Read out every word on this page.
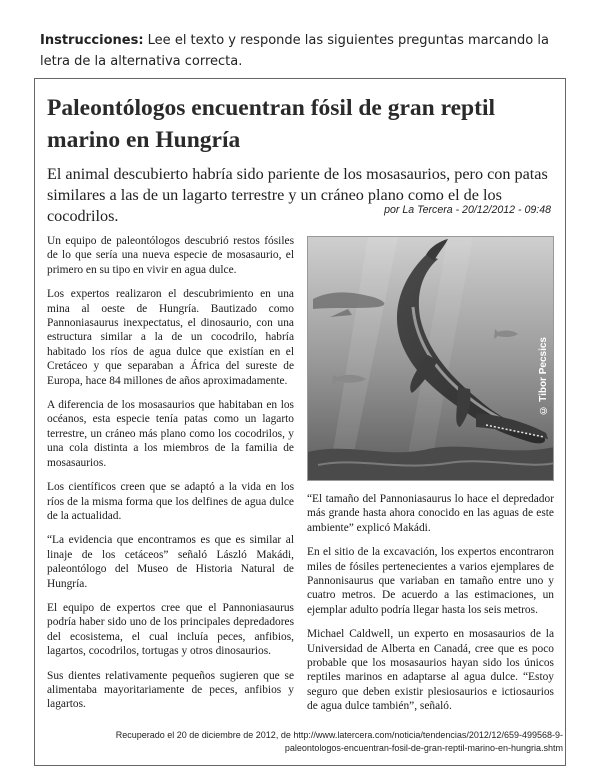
Instrucciones: Lee el texto y responde las siguientes preguntas marcando la letra de la alternativa correcta.
Paleontólogos encuentran fósil de gran reptil marino en Hungría
El animal descubierto habría sido pariente de los mosasaurios, pero con patas similares a las de un lagarto terrestre y un cráneo plano como el de los cocodrilos.	por La Tercera - 20/12/2012 - 09:48

Un equipo de paleontólogos descubrió restos fósiles de lo que sería una nueva especie de mosasaurio, el primero en su tipo en vivir en agua dulce.

Los expertos realizaron el descubrimiento en una mina al oeste de Hungría. Bautizado como Pannoniasaurus inexpectatus, el dinosaurio, con una estructura similar a la de un cocodrilo, habría habitado los ríos de agua dulce que existían en el Cretáceo y que separaban a África del sureste de Europa, hace 84 millones de años aproximadamente.

A diferencia de los mosasaurios que habitaban en los océanos, esta especie tenía patas como un lagarto terrestre, un cráneo más plano como los cocodrilos, y una cola distinta a los miembros de la familia de mosasaurios.

Los científicos creen que se adaptó a la vida en los ríos de la misma forma que los delfines de agua dulce de la actualidad.

“La evidencia que encontramos es que es similar al linaje de los cetáceos” señaló László Makádi, paleontólogo del Museo de Historia Natural de Hungría.

El equipo de expertos cree que el Pannoniasaurus podría haber sido uno de los principales depredadores del ecosistema, el cual incluía peces, anfibios, lagartos, cocodrilos, tortugas y otros dinosaurios.

Sus dientes relativamente pequeños sugieren que se alimentaba mayoritariamente de peces, anfibios y lagartos.

© Tibor Pecsics

“El tamaño del Pannoniasaurus lo hace el depredador más grande hasta ahora conocido en las aguas de este ambiente” explicó Makádi.

En el sitio de la excavación, los expertos encontraron miles de fósiles pertenecientes a varios ejemplares de Pannonisaurus que variaban en tamaño entre uno y cuatro metros. De acuerdo a las estimaciones, un ejemplar adulto podría llegar hasta los seis metros.

Michael Caldwell, un experto en mosasaurios de la Universidad de Alberta en Canadá, cree que es poco probable que los mosasaurios hayan sido los únicos reptiles marinos en adaptarse al agua dulce. “Estoy seguro que deben existir plesiosaurios e ictiosaurios de agua dulce también”, señaló.

Recuperado el 20 de diciembre de 2012, de http://www.latercera.com/noticia/tendencias/2012/12/659-499568-9-paleontologos-encuentran-fosil-de-gran-reptil-marino-en-hungria.shtm
